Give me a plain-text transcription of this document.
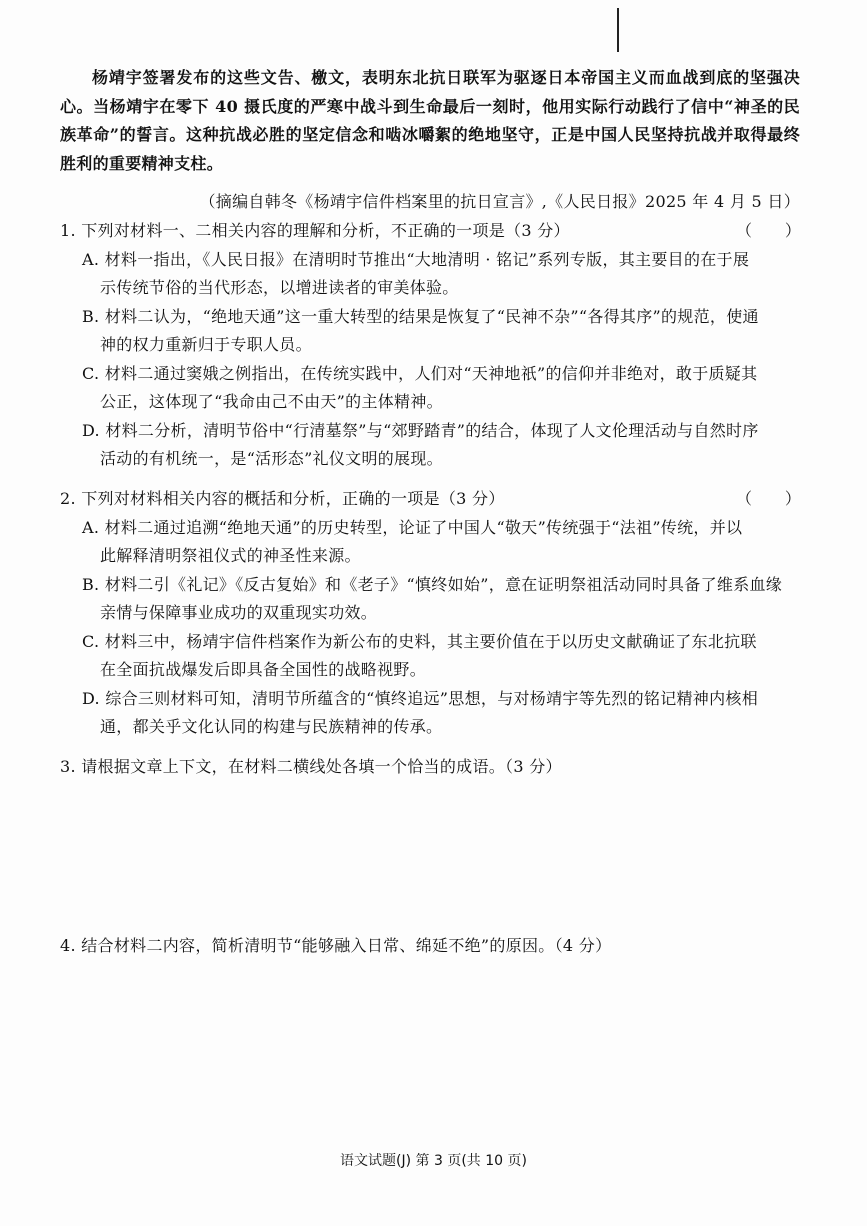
杨靖宇签署发布的这些文告、檄文，表明东北抗日联军为驱逐日本帝国主义而血战到底的坚强决心。当杨靖宇在零下 40 摄氏度的严寒中战斗到生命最后一刻时，他用实际行动践行了信中“神圣的民族革命”的誓言。这种抗战必胜的坚定信念和啮冰嚼絮的绝地坚守，正是中国人民坚持抗战并取得最终胜利的重要精神支柱。
（摘编自韩冬《杨靖宇信件档案里的抗日宣言》,《人民日报》2025 年 4 月 5 日）
1. 下列对材料一、二相关内容的理解和分析，不正确的一项是（3 分）	（　　）
A. 材料一指出，《人民日报》在清明时节推出“大地清明 · 铭记”系列专版，其主要目的在于展
示传统节俗的当代形态，以增进读者的审美体验。
B. 材料二认为，“绝地天通”这一重大转型的结果是恢复了“民神不杂”“各得其序”的规范，使通
神的权力重新归于专职人员。
C. 材料二通过窦娥之例指出，在传统实践中，人们对“天神地祇”的信仰并非绝对，敢于质疑其
公正，这体现了“我命由己不由天”的主体精神。
D. 材料二分析，清明节俗中“行清墓祭”与“郊野踏青”的结合，体现了人文伦理活动与自然时序
活动的有机统一，是“活形态”礼仪文明的展现。
2. 下列对材料相关内容的概括和分析，正确的一项是（3 分）	（　　）
A. 材料二通过追溯“绝地天通”的历史转型，论证了中国人“敬天”传统强于“法祖”传统，并以
此解释清明祭祖仪式的神圣性来源。
B. 材料二引《礼记》《反古复始》和《老子》“慎终如始”，意在证明祭祖活动同时具备了维系血缘
亲情与保障事业成功的双重现实功效。
C. 材料三中，杨靖宇信件档案作为新公布的史料，其主要价值在于以历史文献确证了东北抗联
在全面抗战爆发后即具备全国性的战略视野。
D. 综合三则材料可知，清明节所蕴含的“慎终追远”思想，与对杨靖宇等先烈的铭记精神内核相
通，都关乎文化认同的构建与民族精神的传承。
3. 请根据文章上下文，在材料二横线处各填一个恰当的成语。（3 分）
4. 结合材料二内容，简析清明节“能够融入日常、绵延不绝”的原因。（4 分）
语文试题(J) 第 3 页(共 10 页)
